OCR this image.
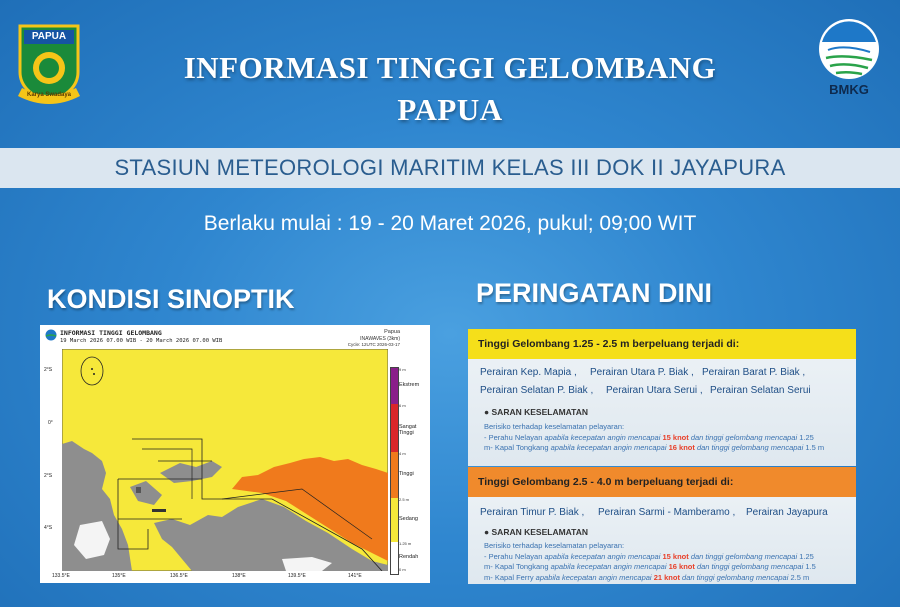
PAPUA
Karya Swadaya	BMKG
INFORMASI TINGGI GELOMBANG
PAPUA
STASIUN METEOROLOGI MARITIM KELAS III DOK II JAYAPURA
Berlaku mulai : 19 - 20 Maret 2026, pukul; 09;00 WIT
KONDISI SINOPTIK	PERINGATAN DINI
INFORMASI TINGGI GELOMBANG
19 March 2026 07.00 WIB - 20 March 2026 07.00 WIB
Papua
INAWAVES (3km)
Cycle: 12UTC 2026-03-17
2°S
0°
2°S
4°S
133.5°E	135°E	136.5°E	138°E	139.5°E	141°E
9 m
Ekstrem
6 m
Sangat Tinggi
4 m
Tinggi
2.5 m
Sedang
1.25 m
Rendah
0 m
Tinggi Gelombang 1.25 - 2.5 m berpeluang terjadi di:
Perairan Kep. Mapia , Perairan Utara P. Biak , Perairan Barat P. Biak ,
Perairan Selatan P. Biak , Perairan Utara Serui , Perairan Selatan Serui
● SARAN KESELAMATAN
Berisiko terhadap keselamatan pelayaran:
- Perahu Nelayan apabila kecepatan angin mencapai 15 knot dan tinggi gelombang mencapai 1.25
m- Kapal Tongkang apabila kecepatan angin mencapai 16 knot dan tinggi gelombang mencapai 1.5 m
Tinggi Gelombang 2.5 - 4.0 m berpeluang terjadi di:
Perairan Timur P. Biak , Perairan Sarmi - Mamberamo , Perairan Jayapura
● SARAN KESELAMATAN
Berisiko terhadap keselamatan pelayaran:
- Perahu Nelayan apabila kecepatan angin mencapai 15 knot dan tinggi gelombang mencapai 1.25
m- Kapal Tongkang apabila kecepatan angin mencapai 16 knot dan tinggi gelombang mencapai 1.5
m- Kapal Ferry apabila kecepatan angin mencapai 21 knot dan tinggi gelombang mencapai 2.5 m
